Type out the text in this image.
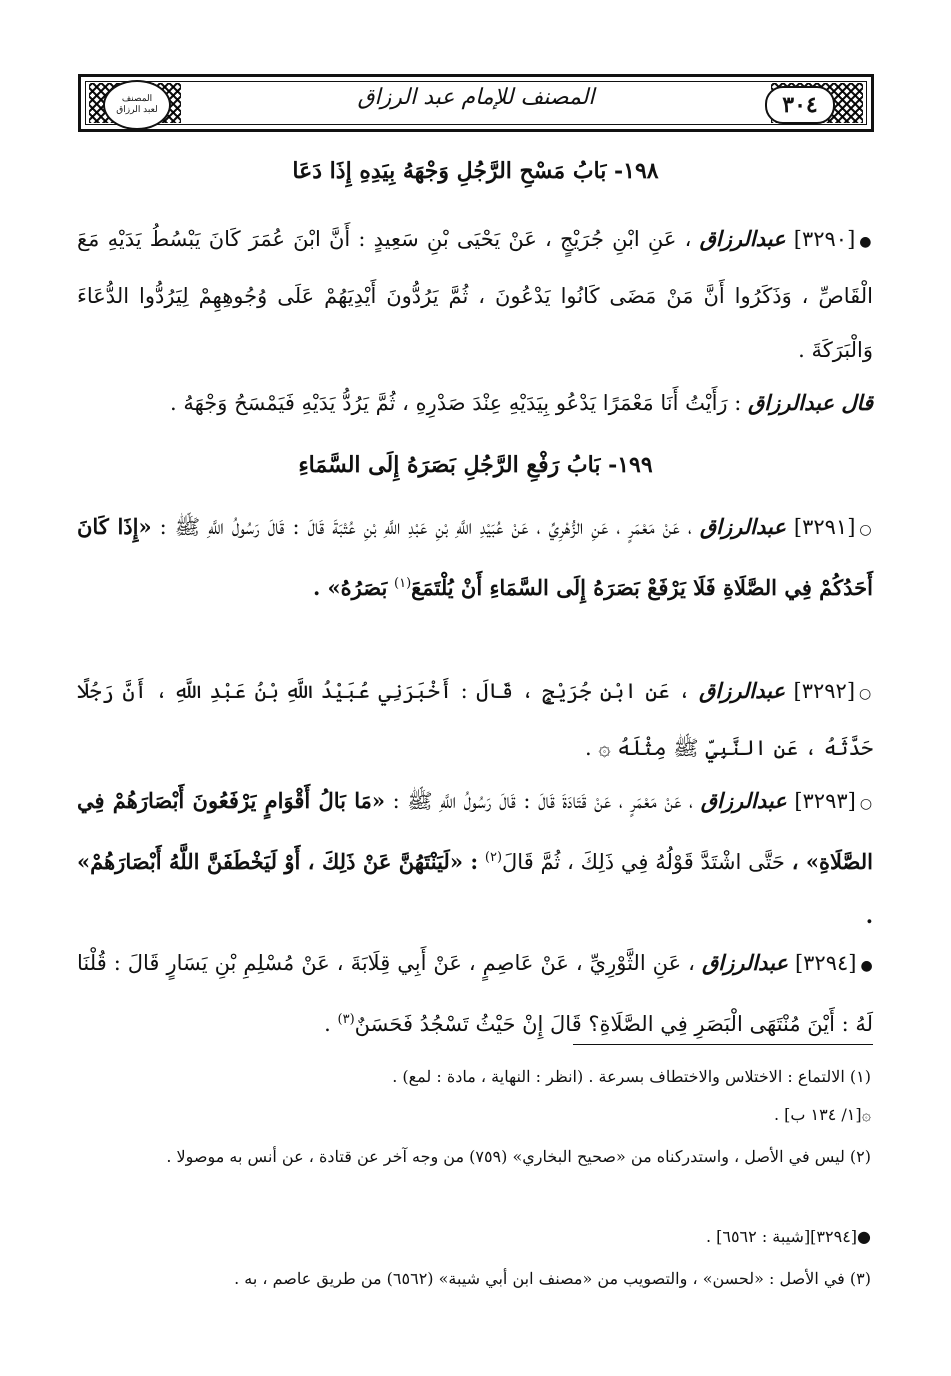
٣٠٤
المصنف للإمام عبد الرزاق
المصنف
لعبد الرزاق
١٩٨- بَابُ مَسْحِ الرَّجُلِ وَجْهَهُ بِيَدِهِ إِذَا دَعَا
●[٣٢٩٠] عبدالرزاق ، عَنِ ابْنِ جُرَيْجٍ ، عَنْ يَحْيَى بْنِ سَعِيدٍ : أَنَّ ابْنَ عُمَرَ كَانَ يَبْسُطُ يَدَيْهِ مَعَ الْقَاصِّ ، وَذَكَرُوا أَنَّ مَنْ مَضَى كَانُوا يَدْعُونَ ، ثُمَّ يَرُدُّونَ أَيْدِيَهُمْ عَلَى وُجُوهِهِمْ لِيَرُدُّوا الدُّعَاءَ وَالْبَرَكَةَ .
قال عبدالرزاق : رَأَيْتُ أَنَا مَعْمَرًا يَدْعُو بِيَدَيْهِ عِنْدَ صَدْرِهِ ، ثُمَّ يَرُدُّ يَدَيْهِ فَيَمْسَحُ وَجْهَهُ .
١٩٩- بَابُ رَفْعِ الرَّجُلِ بَصَرَهُ إِلَى السَّمَاءِ
○[٣٢٩١] عبدالرزاق ، عَنْ مَعْمَرٍ ، عَنِ الزُّهْرِيِّ ، عَنْ عُبَيْدِ اللَّهِ بْنِ عَبْدِ اللَّهِ بْنِ عُتْبَةَ قَالَ : قَالَ رَسُولُ اللَّهِ ﷺ : «إِذَا كَانَ أَحَدُكُمْ فِي الصَّلَاةِ فَلَا يَرْفَعْ بَصَرَهُ إِلَى السَّمَاءِ أَنْ يُلْتَمَعَ$^{(١)}$ بَصَرُهُ» .
○[٣٢٩٢] عبدالرزاق ، عَنِ ابْنِ جُرَيْجٍ ، قَالَ : أَخْبَرَنِي عُبَيْدُ اللَّهِ بْنُ عَبْدِ اللَّهِ ، أَنَّ رَجُلًا حَدَّثَهُ ، عَنِ النَّبِيِّ ﷺ مِثْلَهُ ۞ .
○[٣٢٩٣] عبدالرزاق ، عَنْ مَعْمَرٍ ، عَنْ قَتَادَةَ قَالَ : قَالَ رَسُولُ اللَّهِ ﷺ : «مَا بَالُ أَقْوَامٍ يَرْفَعُونَ أَبْصَارَهُمْ فِي الصَّلَاةِ» ، حَتَّى اشْتَدَّ قَوْلُهُ فِي ذَلِكَ ، ثُمَّ قَالَ$^{(٢)}$ : «لَيَنْتَهُنَّ عَنْ ذَلِكَ ، أَوْ لَيَخْطَفَنَّ اللَّهُ أَبْصَارَهُمْ» .
●[٣٢٩٤] عبدالرزاق ، عَنِ الثَّوْرِيِّ ، عَنْ عَاصِمٍ ، عَنْ أَبِي قِلَابَةَ ، عَنْ مُسْلِمِ بْنِ يَسَارٍ قَالَ : قُلْنَا لَهُ : أَيْنَ مُنْتَهَى الْبَصَرِ فِي الصَّلَاةِ؟ قَالَ إِنْ حَيْثُ تَسْجُدُ فَحَسَنٌ$^{(٣)}$ .
(١) الالتماع : الاختلاس والاختطاف بسرعة . (انظر : النهاية ، مادة : لمع) .
۞[١/ ١٣٤ ب] .
(٢) ليس في الأصل ، واستدركناه من «صحيح البخاري» (٧٥٩) من وجه آخر عن قتادة ، عن أنس به موصولا .
●[٣٢٩٤][شيبة : ٦٥٦٢] .
(٣) في الأصل : «لحسن» ، والتصويب من «مصنف ابن أبي شيبة» (٦٥٦٢) من طريق عاصم ، به .
